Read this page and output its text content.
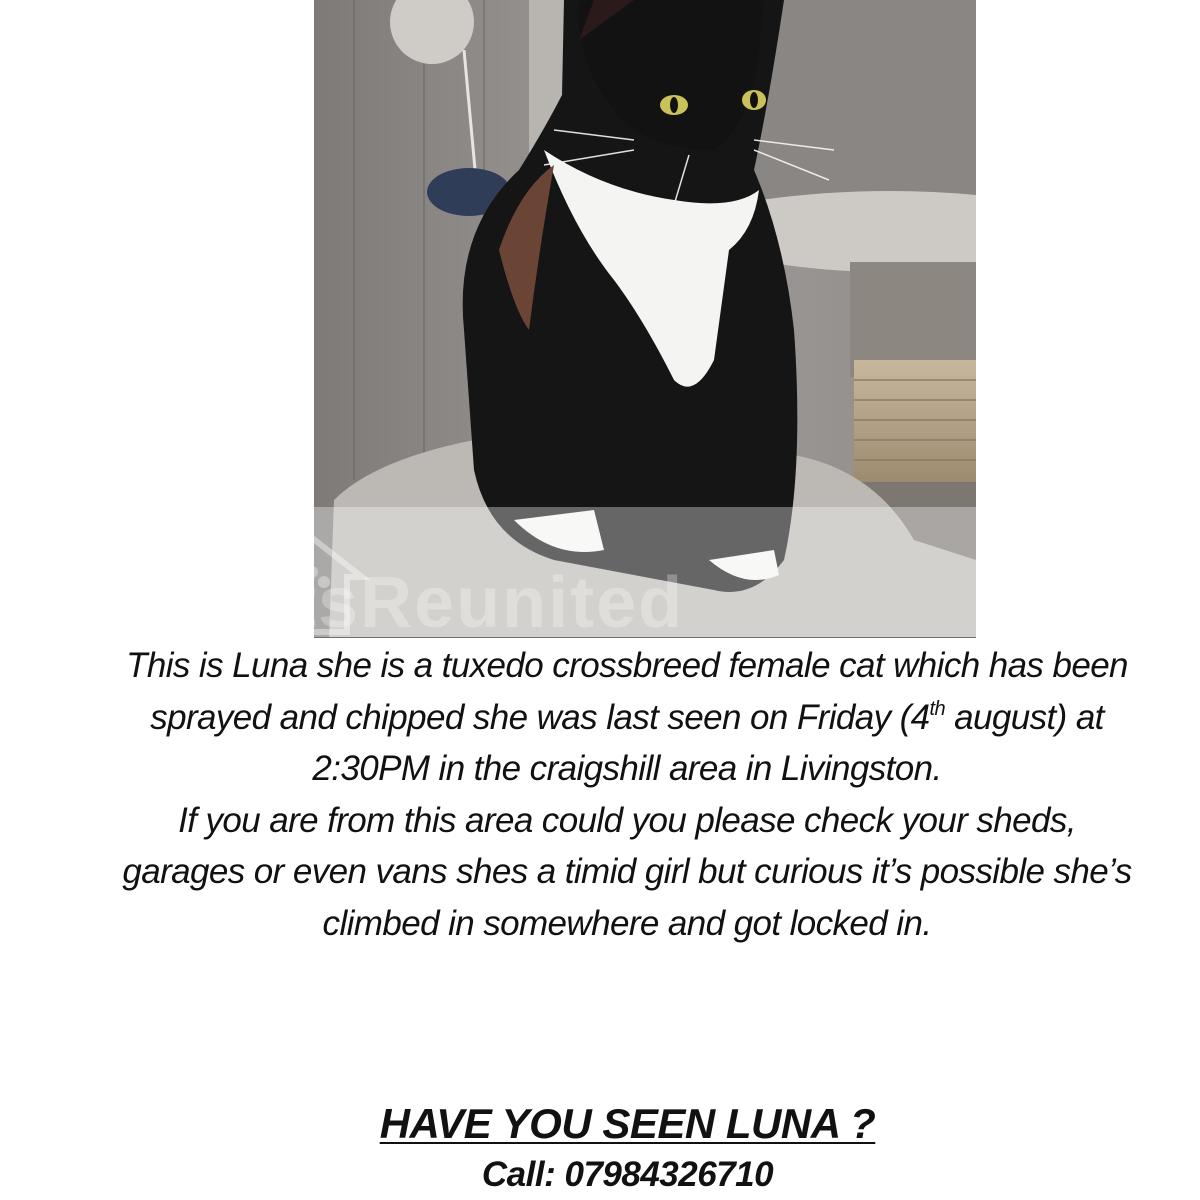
PetsReunited

This is Luna she is a tuxedo crossbreed female cat which has been sprayed and chipped she was last seen on Friday (4th august) at 2:30PM in the craigshill area in Livingston.

If you are from this area could you please check your sheds, garages or even vans shes a timid girl but curious it’s possible she’s climbed in somewhere and got locked in.

HAVE YOU SEEN LUNA ?
Call: 07984326710
